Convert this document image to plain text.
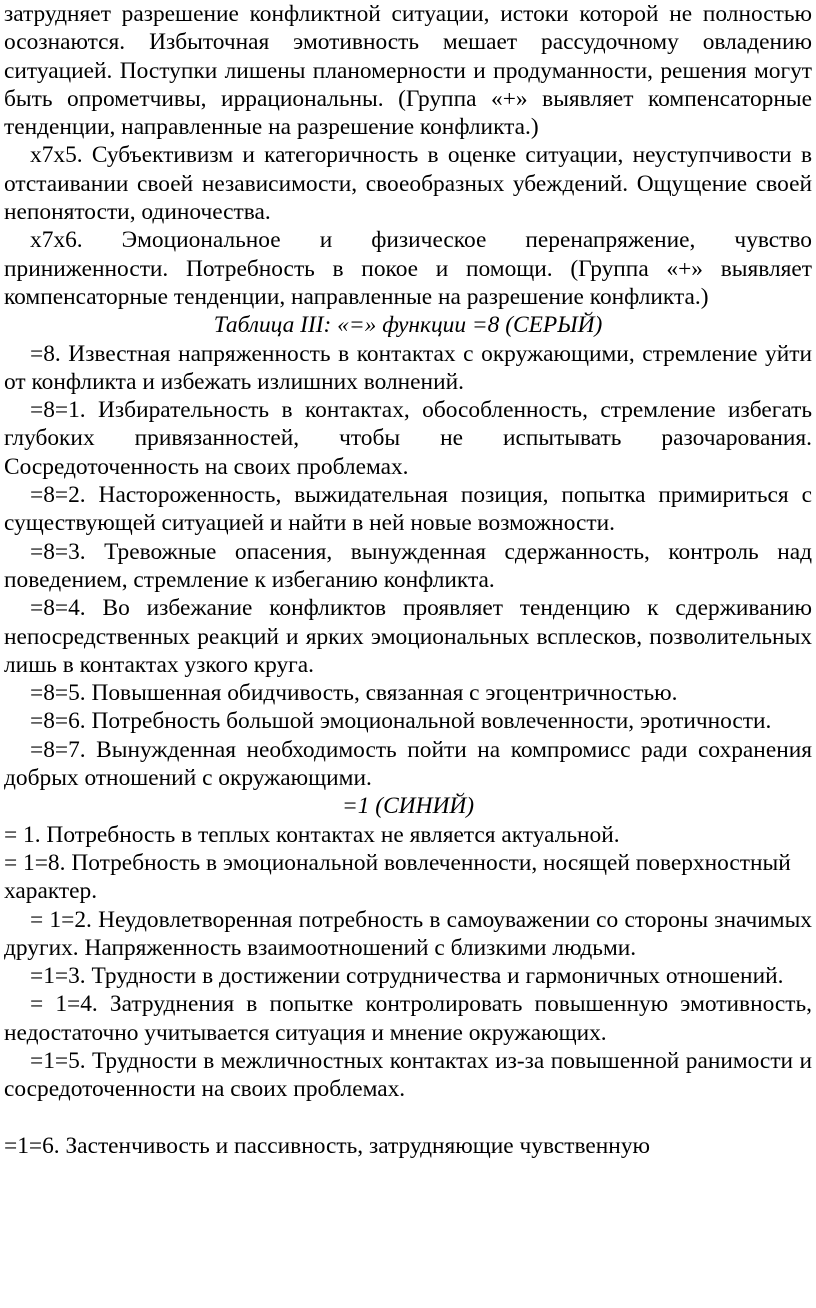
затрудняет разрешение конфликтной ситуации, истоки которой не полностью осознаются. Избыточная эмотивность мешает рассудочному овладению ситуацией. Поступки лишены планомерности и продуманности, решения могут быть опрометчивы, иррациональны. (Группа «+» выявляет компенсаторные тенденции, направленные на разрешение конфликта.)

x7x5. Субъективизм и категоричность в оценке ситуации, неуступчивости в отстаивании своей независимости, своеобразных убеждений. Ощущение своей непонятости, одиночества.

x7x6. Эмоциональное и физическое перенапряжение, чувство приниженности. Потребность в покое и помощи. (Группа «+» выявляет компенсаторные тенденции, направленные на разрешение конфликта.)

Таблица III: «=» функции =8 (СЕРЫЙ)

=8. Известная напряженность в контактах с окружающими, стремление уйти от конфликта и избежать излишних волнений.

=8=1. Избирательность в контактах, обособленность, стремление избегать глубоких привязанностей, чтобы не испытывать разочарования. Сосредоточенность на своих проблемах.

=8=2. Настороженность, выжидательная позиция, попытка примириться с существующей ситуацией и найти в ней новые возможности.

=8=3. Тревожные опасения, вынужденная сдержанность, контроль над поведением, стремление к избеганию конфликта.

=8=4. Во избежание конфликтов проявляет тенденцию к сдерживанию непосредственных реакций и ярких эмоциональных всплесков, позволительных лишь в контактах узкого круга.

=8=5. Повышенная обидчивость, связанная с эгоцентричностью.

=8=6. Потребность большой эмоциональной вовлеченности, эротичности.

=8=7. Вынужденная необходимость пойти на компромисс ради сохранения добрых отношений с окружающими.

=1 (СИНИЙ)

= 1. Потребность в теплых контактах не является актуальной.

= 1=8. Потребность в эмоциональной вовлеченности, носящей поверхностный характер.

= 1=2. Неудовлетворенная потребность в самоуважении со стороны значимых других. Напряженность взаимоотношений с близкими людьми.

=1=3. Трудности в достижении сотрудничества и гармоничных отношений.

= 1=4. Затруднения в попытке контролировать повышенную эмотивность, недостаточно учитывается ситуация и мнение окружающих.

=1=5. Трудности в межличностных контактах из-за повышенной ранимости и сосредоточенности на своих проблемах.

=1=6. Застенчивость и пассивность, затрудняющие чувственную
